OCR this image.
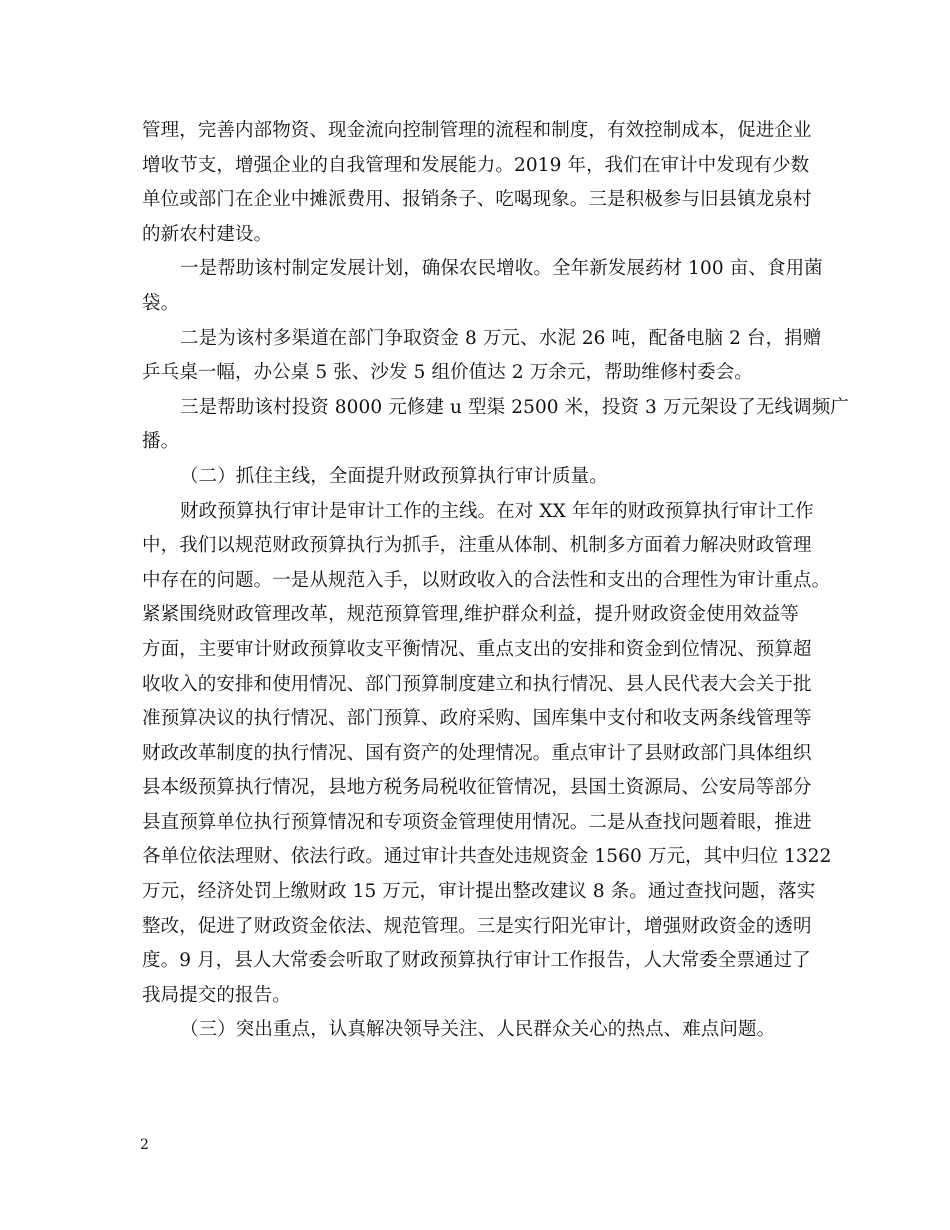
管理，完善内部物资、现金流向控制管理的流程和制度，有效控制成本，促进企业
增收节支，增强企业的自我管理和发展能力。2019 年，我们在审计中发现有少数
单位或部门在企业中摊派费用、报销条子、吃喝现象。三是积极参与旧县镇龙泉村
的新农村建设。
一是帮助该村制定发展计划，确保农民增收。全年新发展药材 100 亩、食用菌
袋。
二是为该村多渠道在部门争取资金 8 万元、水泥 26 吨，配备电脑 2 台，捐赠
乒乓桌一幅，办公桌 5 张、沙发 5 组价值达 2 万余元，帮助维修村委会。
三是帮助该村投资 8000 元修建 u 型渠 2500 米，投资 3 万元架设了无线调频广
播。
（二）抓住主线，全面提升财政预算执行审计质量。
财政预算执行审计是审计工作的主线。在对 XX 年年的财政预算执行审计工作
中，我们以规范财政预算执行为抓手，注重从体制、机制多方面着力解决财政管理
中存在的问题。一是从规范入手，以财政收入的合法性和支出的合理性为审计重点。
紧紧围绕财政管理改革，规范预算管理,维护群众利益，提升财政资金使用效益等
方面，主要审计财政预算收支平衡情况、重点支出的安排和资金到位情况、预算超
收收入的安排和使用情况、部门预算制度建立和执行情况、县人民代表大会关于批
准预算决议的执行情况、部门预算、政府采购、国库集中支付和收支两条线管理等
财政改革制度的执行情况、国有资产的处理情况。重点审计了县财政部门具体组织
县本级预算执行情况，县地方税务局税收征管情况，县国土资源局、公安局等部分
县直预算单位执行预算情况和专项资金管理使用情况。二是从查找问题着眼，推进
各单位依法理财、依法行政。通过审计共查处违规资金 1560 万元，其中归位 1322
万元，经济处罚上缴财政 15 万元，审计提出整改建议 8 条。通过查找问题，落实
整改，促进了财政资金依法、规范管理。三是实行阳光审计，增强财政资金的透明
度。9 月，县人大常委会听取了财政预算执行审计工作报告，人大常委全票通过了
我局提交的报告。
（三）突出重点，认真解决领导关注、人民群众关心的热点、难点问题。
2
